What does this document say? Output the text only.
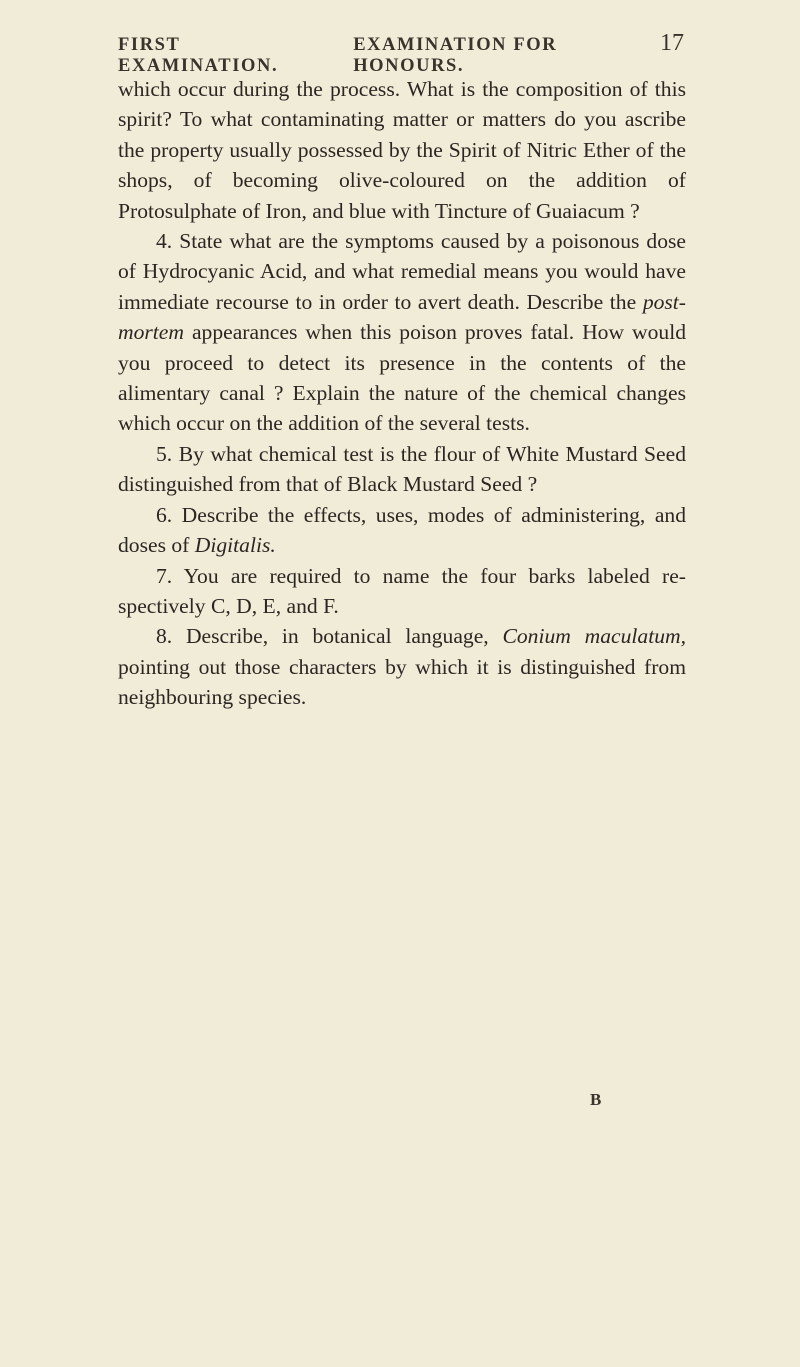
FIRST EXAMINATION.
EXAMINATION FOR HONOURS.
17

which occur during the process. What is the composition of this spirit? To what contaminating matter or matters do you ascribe the property usually possessed by the Spirit of Nitric Ether of the shops, of becoming olive-coloured on the addition of Protosulphate of Iron, and blue with Tincture of Guaiacum ?

4. State what are the symptoms caused by a poisonous dose of Hydrocyanic Acid, and what remedial means you would have immediate recourse to in order to avert death. Describe the post-mortem appearances when this poison proves fatal. How would you proceed to detect its presence in the contents of the alimentary canal ? Explain the nature of the chemical changes which occur on the addition of the several tests.

5. By what chemical test is the flour of White Mustard Seed distinguished from that of Black Mustard Seed ?

6. Describe the effects, uses, modes of administering, and doses of Digitalis.

7. You are required to name the four barks labeled re-spectively C, D, E, and F.

8. Describe, in botanical language, Conium maculatum, pointing out those characters by which it is distinguished from neighbouring species.

B
